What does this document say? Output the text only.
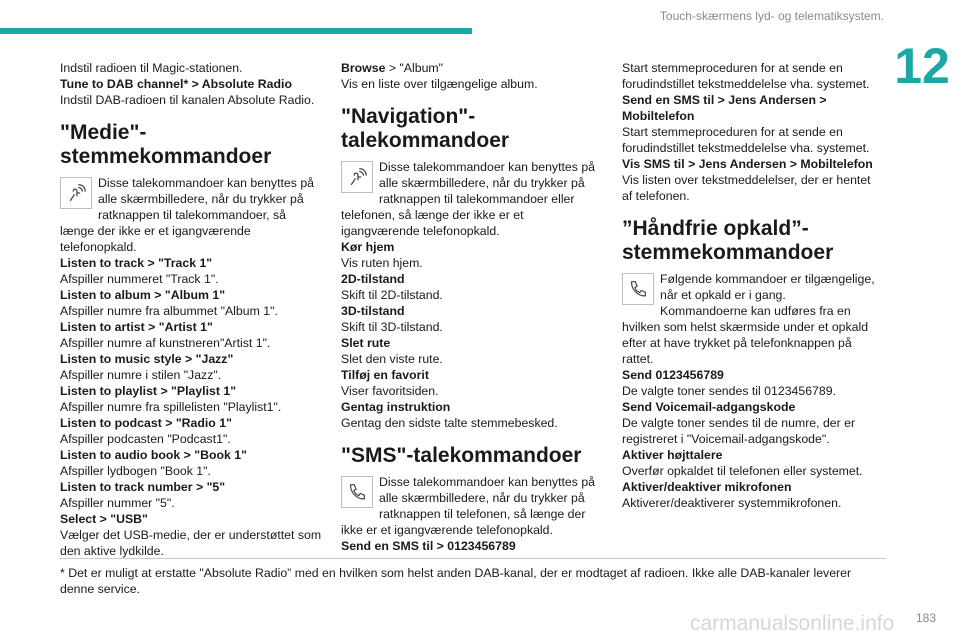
Touch-skærmens lyd- og telematiksystem.
12

Indstil radioen til Magic-stationen.

Tune to DAB channel* > Absolute Radio

Indstil DAB-radioen til kanalen Absolute Radio.

"Medie"-stemmekommandoer
Disse talekommandoer kan benyttes på alle skærmbilledere, når du trykker på ratknappen til talekommandoer, så længe der ikke er et igangværende telefonopkald.

Listen to track > "Track 1"

Afspiller nummeret "Track 1".

Listen to album > "Album 1"

Afspiller numre fra albummet "Album 1".

Listen to artist > "Artist 1"

Afspiller numre af kunstneren"Artist 1".

Listen to music style > "Jazz"

Afspiller numre i stilen "Jazz".

Listen to playlist > "Playlist 1"

Afspiller numre fra spillelisten "Playlist1".

Listen to podcast > "Radio 1"

Afspiller podcasten "Podcast1".

Listen to audio book > "Book 1"

Afspiller lydbogen "Book 1".

Listen to track number > "5"

Afspiller nummer "5".

Select > "USB"

Vælger det USB-medie, der er understøttet som den aktive lydkilde.

Browse > "Album"

Vis en liste over tilgængelige album.

"Navigation"-talekommandoer
Disse talekommandoer kan benyttes på alle skærmbilledere, når du trykker på ratknappen til talekommandoer eller telefonen, så længe der ikke er et igangværende telefonopkald.

Kør hjem

Vis ruten hjem.

2D-tilstand

Skift til 2D-tilstand.

3D-tilstand

Skift til 3D-tilstand.

Slet rute

Slet den viste rute.

Tilføj en favorit

Viser favoritsiden.

Gentag instruktion

Gentag den sidste talte stemmebesked.

"SMS"-talekommandoer
Disse talekommandoer kan benyttes på alle skærmbilledere, når du trykker på ratknappen til telefonen, så længe der ikke er et igangværende telefonopkald.

Send en SMS til > 0123456789

Start stemmeproceduren for at sende en forudindstillet tekstmeddelelse vha. systemet.

Send en SMS til > Jens Andersen > Mobiltelefon

Start stemmeproceduren for at sende en forudindstillet tekstmeddelelse vha. systemet.

Vis SMS til > Jens Andersen > Mobiltelefon

Vis listen over tekstmeddelelser, der er hentet af telefonen.

”Håndfrie opkald”-stemmekommandoer
Følgende kommandoer er tilgængelige, når et opkald er i gang.

Kommandoerne kan udføres fra en hvilken som helst skærmside under et opkald efter at have trykket på telefonknappen på rattet.

Send 0123456789

De valgte toner sendes til 0123456789.

Send Voicemail-adgangskode

De valgte toner sendes til de numre, der er registreret i "Voicemail-adgangskode".

Aktiver højttalere

Overfør opkaldet til telefonen eller systemet.

Aktiver/deaktiver mikrofonen

Aktiverer/deaktiverer systemmikrofonen.

* Det er muligt at erstatte "Absolute Radio” med en hvilken som helst anden DAB-kanal, der er modtaget af radioen. Ikke alle DAB-kanaler leverer denne service.
carmanualsonline.info 183
